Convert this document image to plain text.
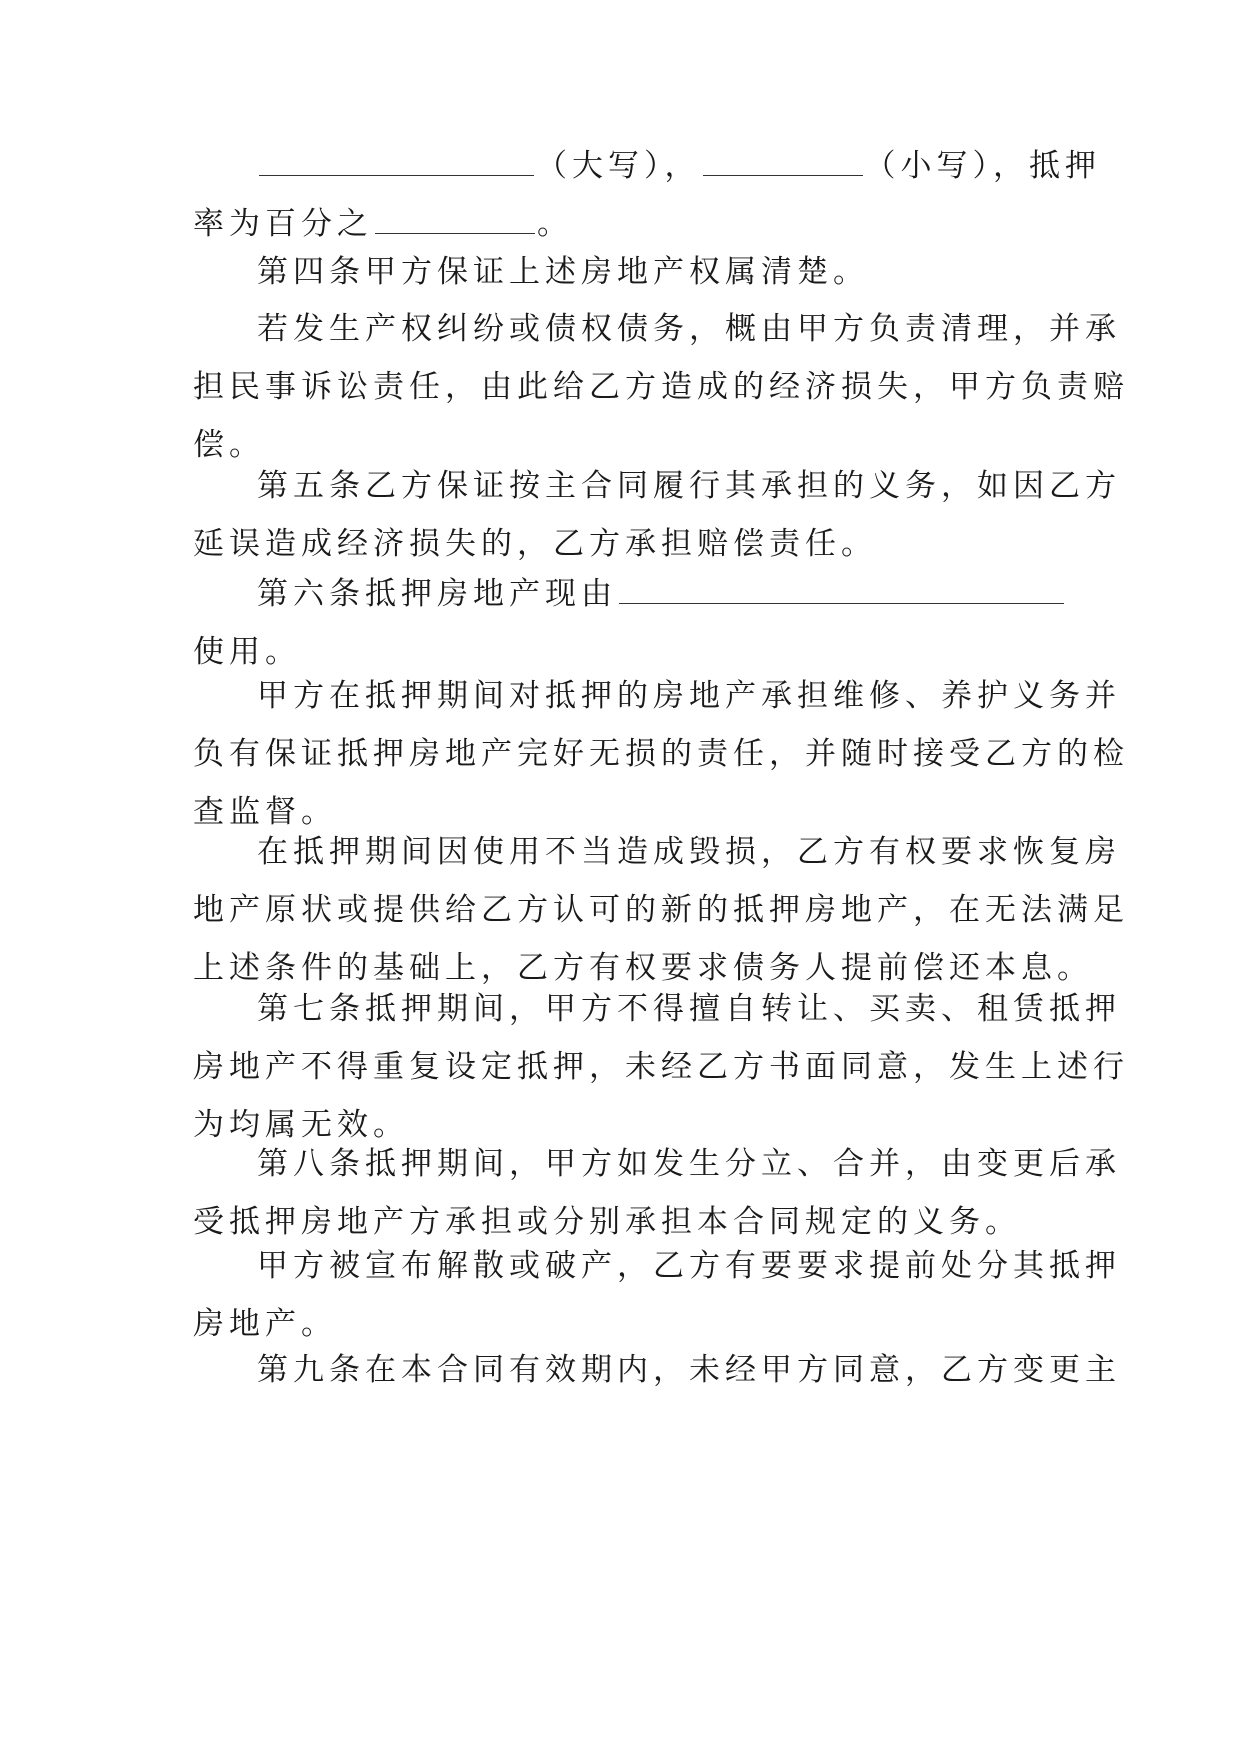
（大写），	（小写），抵押
率为百分之	。
第四条甲方保证上述房地产权属清楚。
若发生产权纠纷或债权债务，概由甲方负责清理，并承
担民事诉讼责任，由此给乙方造成的经济损失，甲方负责赔
偿。
第五条乙方保证按主合同履行其承担的义务，如因乙方
延误造成经济损失的，乙方承担赔偿责任。
第六条抵押房地产现由
使用。
甲方在抵押期间对抵押的房地产承担维修、养护义务并
负有保证抵押房地产完好无损的责任，并随时接受乙方的检
查监督。
在抵押期间因使用不当造成毁损，乙方有权要求恢复房
地产原状或提供给乙方认可的新的抵押房地产，在无法满足
上述条件的基础上，乙方有权要求债务人提前偿还本息。
第七条抵押期间，甲方不得擅自转让、买卖、租赁抵押
房地产不得重复设定抵押，未经乙方书面同意，发生上述行
为均属无效。
第八条抵押期间，甲方如发生分立、合并，由变更后承
受抵押房地产方承担或分别承担本合同规定的义务。
甲方被宣布解散或破产，乙方有要要求提前处分其抵押
房地产。
第九条在本合同有效期内，未经甲方同意，乙方变更主
